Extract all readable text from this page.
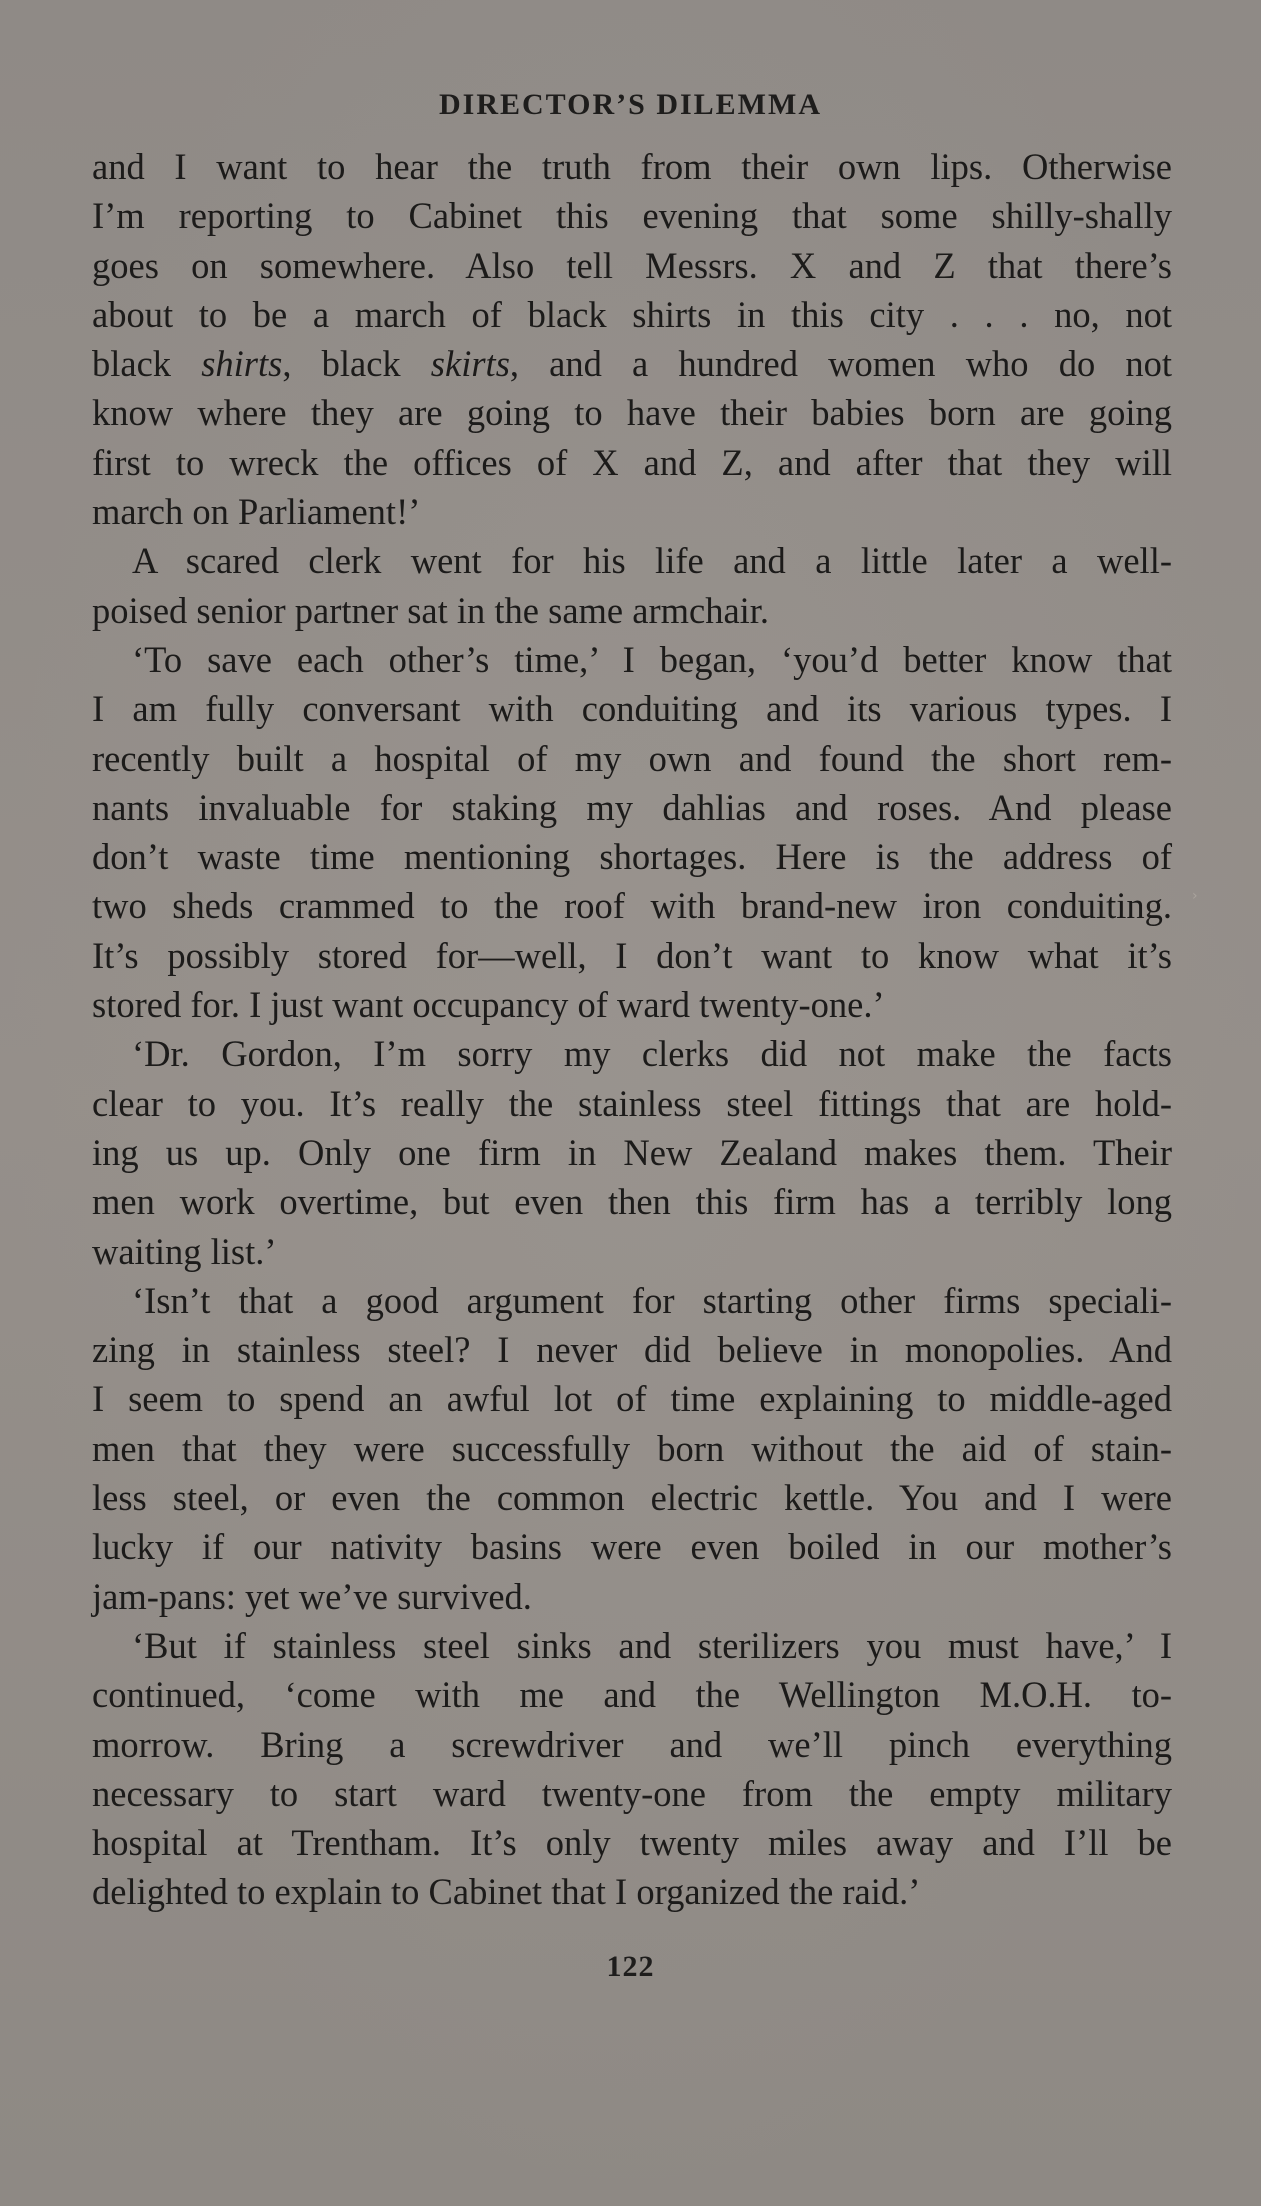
DIRECTOR’S DILEMMA
and I want to hear the truth from their own lips. Otherwise
I’m reporting to Cabinet this evening that some shilly-shally
goes on somewhere. Also tell Messrs. X and Z that there’s
about to be a march of black shirts in this city . . . no, not
black shirts, black skirts, and a hundred women who do not
know where they are going to have their babies born are going
first to wreck the offices of X and Z, and after that they will
march on Parliament!’
A scared clerk went for his life and a little later a well-
poised senior partner sat in the same armchair.
‘To save each other’s time,’ I began, ‘you’d better know that
I am fully conversant with conduiting and its various types. I
recently built a hospital of my own and found the short rem-
nants invaluable for staking my dahlias and roses. And please
don’t waste time mentioning shortages. Here is the address of
two sheds crammed to the roof with brand-new iron conduiting.
It’s possibly stored for—well, I don’t want to know what it’s
stored for. I just want occupancy of ward twenty-one.’
‘Dr. Gordon, I’m sorry my clerks did not make the facts
clear to you. It’s really the stainless steel fittings that are hold-
ing us up. Only one firm in New Zealand makes them. Their
men work overtime, but even then this firm has a terribly long
waiting list.’
‘Isn’t that a good argument for starting other firms speciali-
zing in stainless steel? I never did believe in monopolies. And
I seem to spend an awful lot of time explaining to middle-aged
men that they were successfully born without the aid of stain-
less steel, or even the common electric kettle. You and I were
lucky if our nativity basins were even boiled in our mother’s
jam-pans: yet we’ve survived.
‘But if stainless steel sinks and sterilizers you must have,’ I
continued, ‘come with me and the Wellington M.O.H. to-
morrow. Bring a screwdriver and we’ll pinch everything
necessary to start ward twenty-one from the empty military
hospital at Trentham. It’s only twenty miles away and I’ll be
delighted to explain to Cabinet that I organized the raid.’
›
122
